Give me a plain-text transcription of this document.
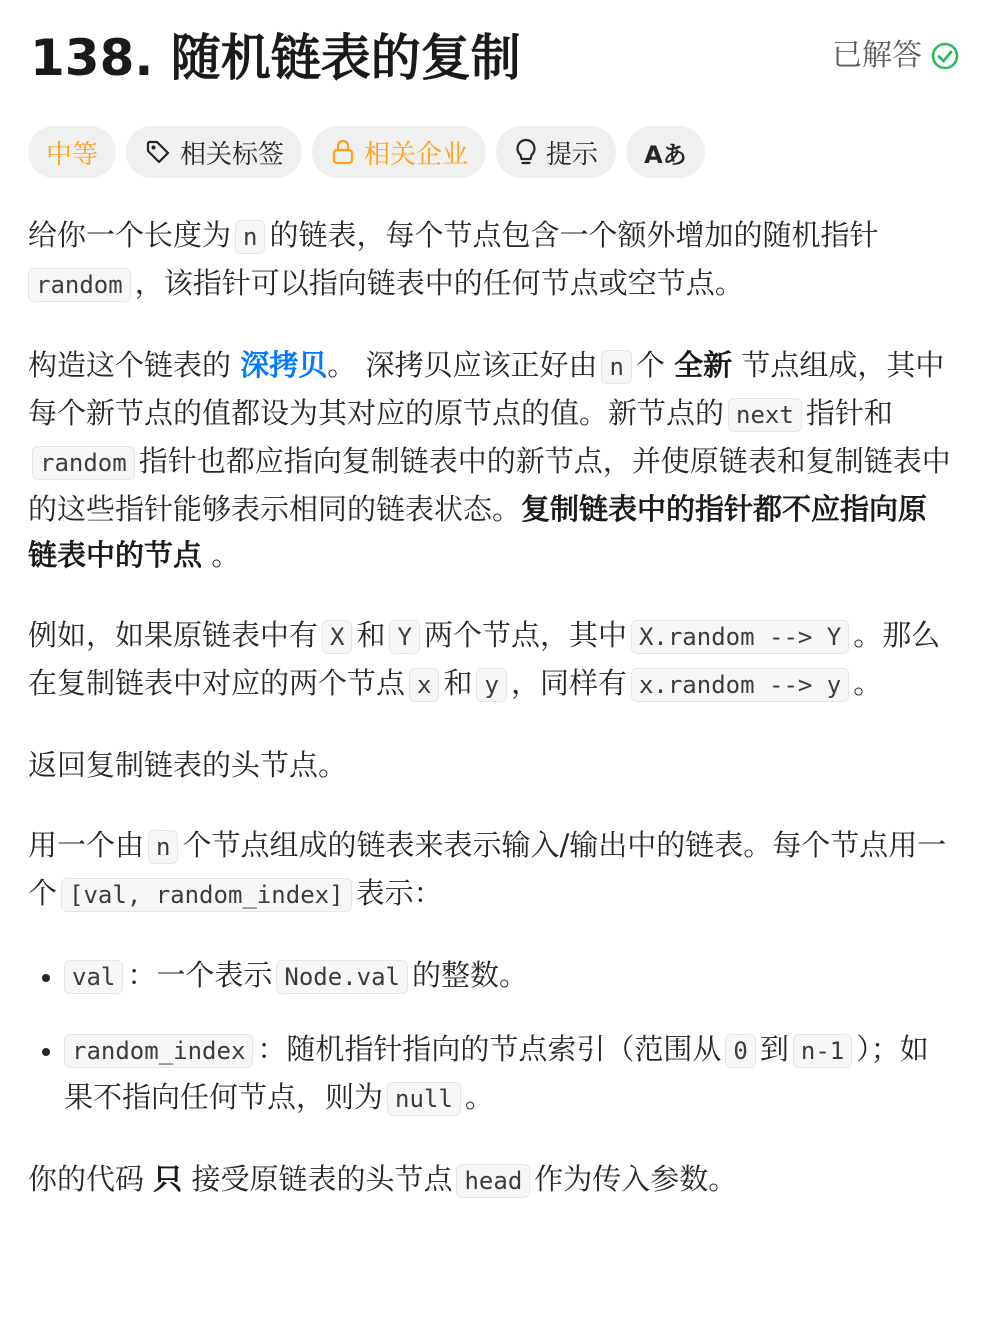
138. 随机链表的复制	已解答
中等	相关标签	相关企业	提示 Aあ

给你一个长度为 n 的链表，每个节点包含一个额外增加的随机指针 random ，该指针可以指向链表中的任何节点或空节点。

构造这个链表的 深拷贝。 深拷贝应该正好由 n 个 全新 节点组成，其中每个新节点的值都设为其对应的原节点的值。新节点的 next 指针和random 指针也都应指向复制链表中的新节点，并使原链表和复制链表中的这些指针能够表示相同的链表状态。复制链表中的指针都不应指向原链表中的节点 。

例如，如果原链表中有 X 和 Y 两个节点，其中 X.random --> Y 。那么在复制链表中对应的两个节点 x 和 y ，同样有 x.random --> y 。

返回复制链表的头节点。

用一个由 n 个节点组成的链表来表示输入/输出中的链表。每个节点用一个 [val, random_index] 表示：

• val ：一个表示 Node.val 的整数。
• random_index ：随机指针指向的节点索引（范围从 0 到 n-1 ）；如果不指向任何节点，则为 null 。

你的代码 只 接受原链表的头节点 head 作为传入参数。
